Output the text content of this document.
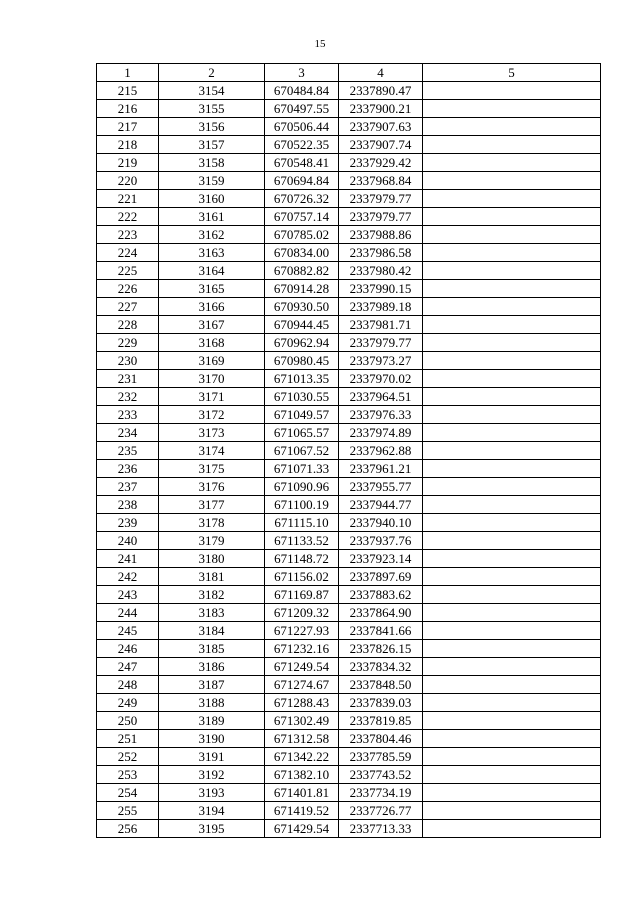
15
1	2	3	4	5
215	3154	670484.84	2337890.47	
216	3155	670497.55	2337900.21	
217	3156	670506.44	2337907.63	
218	3157	670522.35	2337907.74	
219	3158	670548.41	2337929.42	
220	3159	670694.84	2337968.84	
221	3160	670726.32	2337979.77	
222	3161	670757.14	2337979.77	
223	3162	670785.02	2337988.86	
224	3163	670834.00	2337986.58	
225	3164	670882.82	2337980.42	
226	3165	670914.28	2337990.15	
227	3166	670930.50	2337989.18	
228	3167	670944.45	2337981.71	
229	3168	670962.94	2337979.77	
230	3169	670980.45	2337973.27	
231	3170	671013.35	2337970.02	
232	3171	671030.55	2337964.51	
233	3172	671049.57	2337976.33	
234	3173	671065.57	2337974.89	
235	3174	671067.52	2337962.88	
236	3175	671071.33	2337961.21	
237	3176	671090.96	2337955.77	
238	3177	671100.19	2337944.77	
239	3178	671115.10	2337940.10	
240	3179	671133.52	2337937.76	
241	3180	671148.72	2337923.14	
242	3181	671156.02	2337897.69	
243	3182	671169.87	2337883.62	
244	3183	671209.32	2337864.90	
245	3184	671227.93	2337841.66	
246	3185	671232.16	2337826.15	
247	3186	671249.54	2337834.32	
248	3187	671274.67	2337848.50	
249	3188	671288.43	2337839.03	
250	3189	671302.49	2337819.85	
251	3190	671312.58	2337804.46	
252	3191	671342.22	2337785.59	
253	3192	671382.10	2337743.52	
254	3193	671401.81	2337734.19	
255	3194	671419.52	2337726.77	
256	3195	671429.54	2337713.33	
